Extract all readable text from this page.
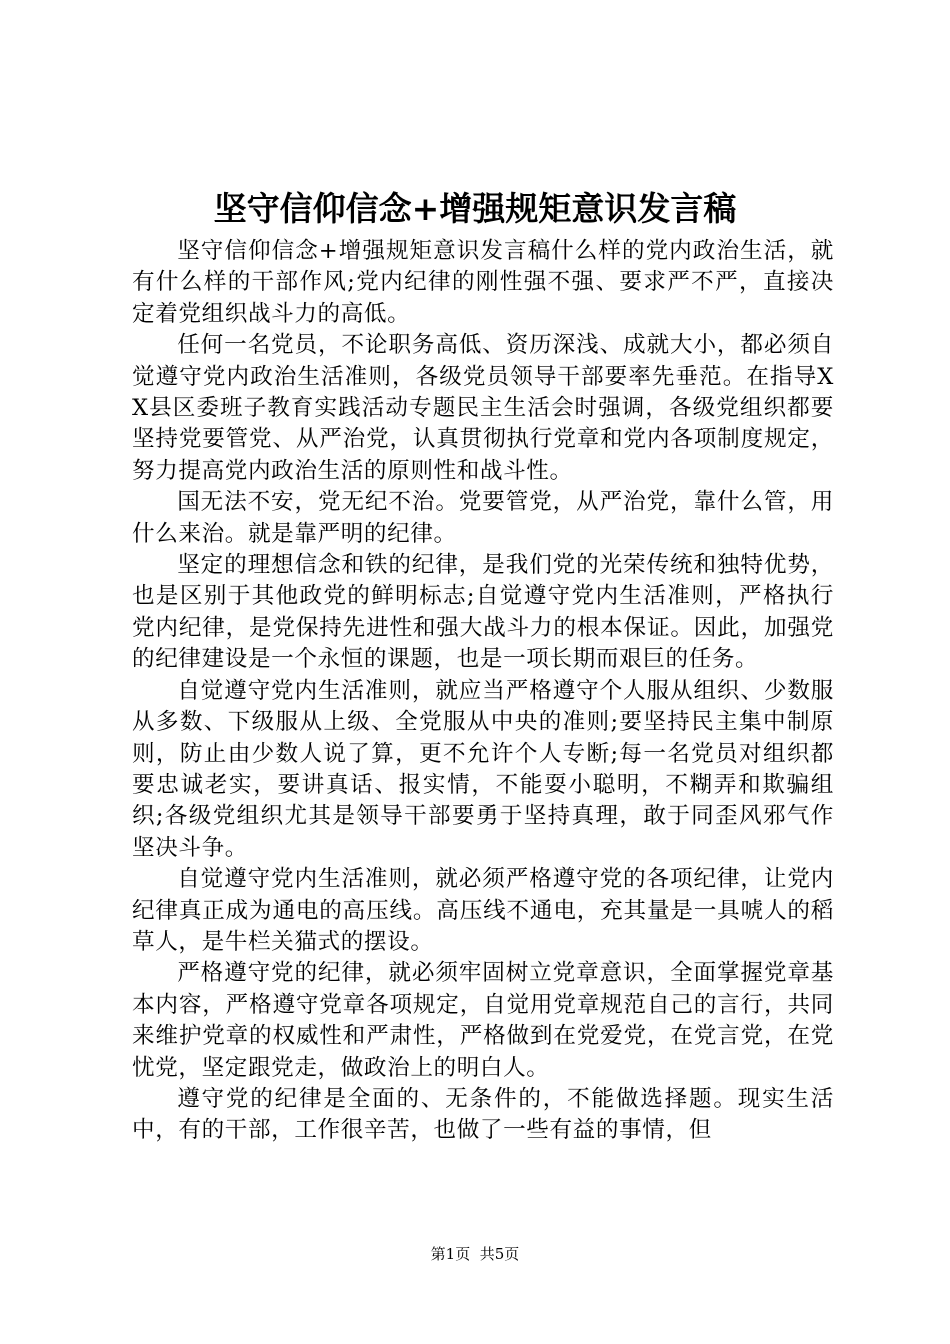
坚守信仰信念+增强规矩意识发言稿

坚守信仰信念+增强规矩意识发言稿什么样的党内政治生活，就有什么样的干部作风;党内纪律的刚性强不强、要求严不严，直接决定着党组织战斗力的高低。

任何一名党员，不论职务高低、资历深浅、成就大小，都必须自觉遵守党内政治生活准则，各级党员领导干部要率先垂范。在指导XX县区委班子教育实践活动专题民主生活会时强调，各级党组织都要坚持党要管党、从严治党，认真贯彻执行党章和党内各项制度规定，努力提高党内政治生活的原则性和战斗性。

国无法不安，党无纪不治。党要管党，从严治党，靠什么管，用什么来治。就是靠严明的纪律。

坚定的理想信念和铁的纪律，是我们党的光荣传统和独特优势，也是区别于其他政党的鲜明标志;自觉遵守党内生活准则，严格执行党内纪律，是党保持先进性和强大战斗力的根本保证。因此，加强党的纪律建设是一个永恒的课题，也是一项长期而艰巨的任务。

自觉遵守党内生活准则，就应当严格遵守个人服从组织、少数服从多数、下级服从上级、全党服从中央的准则;要坚持民主集中制原则，防止由少数人说了算，更不允许个人专断;每一名党员对组织都要忠诚老实，要讲真话、报实情，不能耍小聪明，不糊弄和欺骗组织;各级党组织尤其是领导干部要勇于坚持真理，敢于同歪风邪气作坚决斗争。

自觉遵守党内生活准则，就必须严格遵守党的各项纪律，让党内纪律真正成为通电的高压线。高压线不通电，充其量是一具唬人的稻草人，是牛栏关猫式的摆设。

严格遵守党的纪律，就必须牢固树立党章意识，全面掌握党章基本内容，严格遵守党章各项规定，自觉用党章规范自己的言行，共同来维护党章的权威性和严肃性，严格做到在党爱党，在党言党，在党忧党，坚定跟党走，做政治上的明白人。

遵守党的纪律是全面的、无条件的，不能做选择题。现实生活中，有的干部，工作很辛苦，也做了一些有益的事情，但

第1页 共5页
